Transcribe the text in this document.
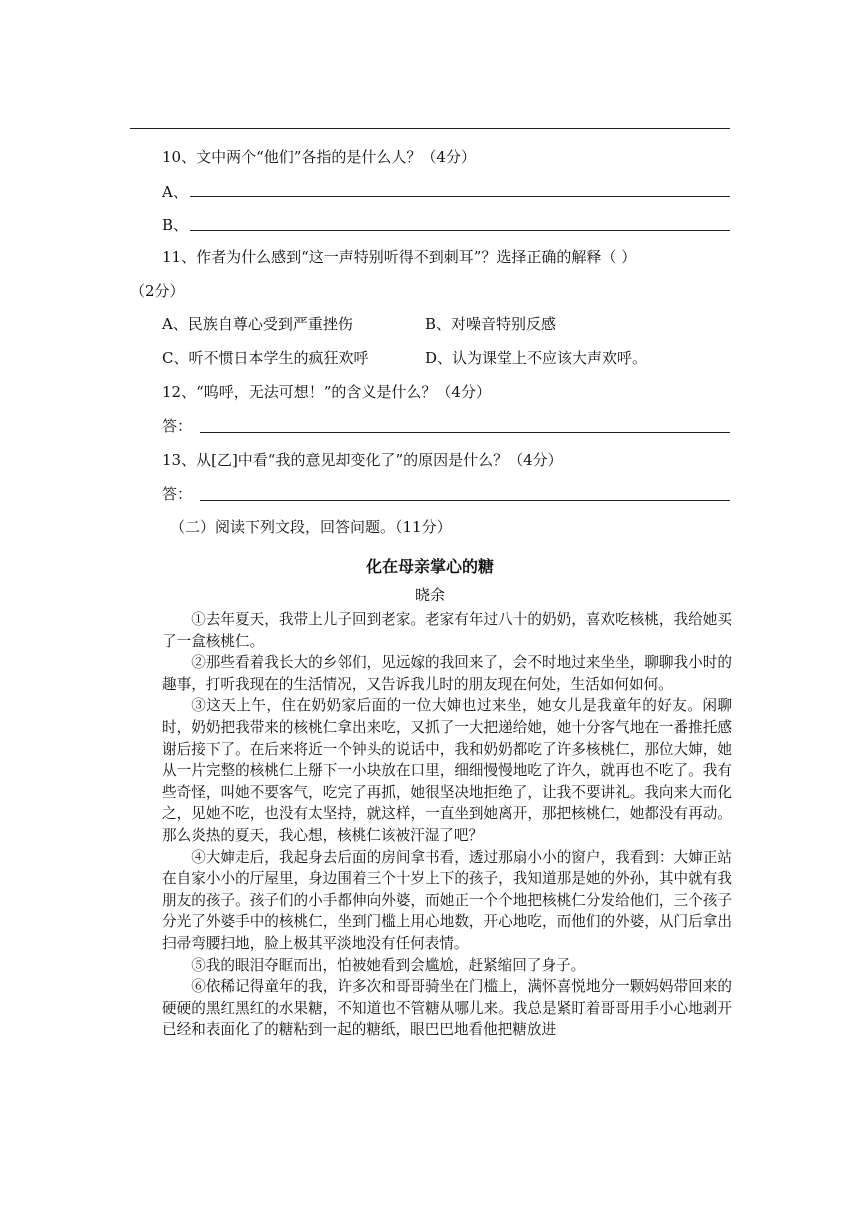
10、文中两个“他们”各指的是什么人？（4分）
A、
B、
11、作者为什么感到“这一声特别听得不到刺耳”？选择正确的解释（ ）
（2分）
A、民族自尊心受到严重挫伤	B、对噪音特别反感
C、听不惯日本学生的疯狂欢呼	D、认为课堂上不应该大声欢呼。
12、“呜呼，无法可想！”的含义是什么？（4分）
答：
13、从[乙]中看“我的意见却变化了”的原因是什么？（4分）
答：
（二）阅读下列文段，回答问题。（11分）
化在母亲掌心的糖
晓余

①去年夏天，我带上儿子回到老家。老家有年过八十的奶奶，喜欢吃核桃，我给她买了一盒核桃仁。

②那些看着我长大的乡邻们，见远嫁的我回来了，会不时地过来坐坐，聊聊我小时的趣事，打听我现在的生活情况，又告诉我儿时的朋友现在何处，生活如何如何。

③这天上午，住在奶奶家后面的一位大婶也过来坐，她女儿是我童年的好友。闲聊时，奶奶把我带来的核桃仁拿出来吃，又抓了一大把递给她，她十分客气地在一番推托感谢后接下了。在后来将近一个钟头的说话中，我和奶奶都吃了许多核桃仁，那位大婶，她从一片完整的核桃仁上掰下一小块放在口里，细细慢慢地吃了许久，就再也不吃了。我有些奇怪，叫她不要客气，吃完了再抓，她很坚决地拒绝了，让我不要讲礼。我向来大而化之，见她不吃，也没有太坚持，就这样，一直坐到她离开，那把核桃仁，她都没有再动。那么炎热的夏天，我心想，核桃仁该被汗湿了吧？

④大婶走后，我起身去后面的房间拿书看，透过那扇小小的窗户，我看到：大婶正站在自家小小的厅屋里，身边围着三个十岁上下的孩子，我知道那是她的外孙，其中就有我朋友的孩子。孩子们的小手都伸向外婆，而她正一个个地把核桃仁分发给他们，三个孩子分光了外婆手中的核桃仁，坐到门槛上用心地数，开心地吃，而他们的外婆，从门后拿出扫帚弯腰扫地，脸上极其平淡地没有任何表情。

⑤我的眼泪夺眶而出，怕被她看到会尴尬，赶紧缩回了身子。

⑥依稀记得童年的我，许多次和哥哥骑坐在门槛上，满怀喜悦地分一颗妈妈带回来的硬硬的黑红黑红的水果糖，不知道也不管糖从哪儿来。我总是紧盯着哥哥用手小心地剥开已经和表面化了的糖粘到一起的糖纸，眼巴巴地看他把糖放进
